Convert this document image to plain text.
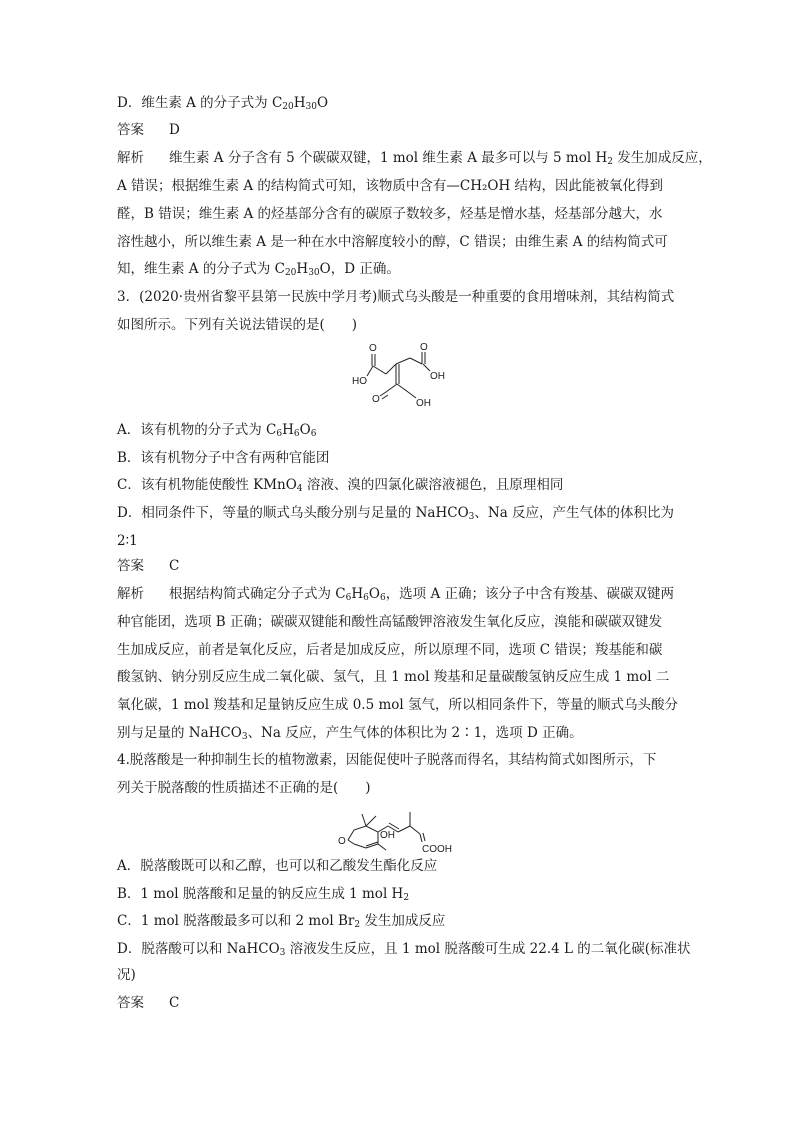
D．维生素 A 的分子式为 $C_{20}H_{30}O$
答案 D
解析 维生素 A 分子含有 5 个碳碳双键，1 mol 维生素 A 最多可以与 5 mol $H_2$ 发生加成反应，
A 错误；根据维生素 A 的结构简式可知，该物质中含有—CH₂OH 结构，因此能被氧化得到
醛，B 错误；维生素 A 的烃基部分含有的碳原子数较多，烃基是憎水基，烃基部分越大，水
溶性越小，所以维生素 A 是一种在水中溶解度较小的醇，C 错误；由维生素 A 的结构简式可
知，维生素 A 的分子式为 $C_{20}H_{30}O$，D 正确。
3．(2020·贵州省黎平县第一民族中学月考)顺式乌头酸是一种重要的食用增味剂，其结构简式
如图所示。下列有关说法错误的是(　　)
O	O
HO	OH
O	OH
A．该有机物的分子式为 $C_6H_6O_6$
B．该有机物分子中含有两种官能团
C．该有机物能使酸性 KMnO$_4$ 溶液、溴的四氯化碳溶液褪色，且原理相同
D．相同条件下，等量的顺式乌头酸分别与足量的 NaHCO$_3$、Na 反应，产生气体的体积比为
2∶1
答案 C
解析 根据结构简式确定分子式为 $C_6H_6O_6$，选项 A 正确；该分子中含有羧基、碳碳双键两
种官能团，选项 B 正确；碳碳双键能和酸性高锰酸钾溶液发生氧化反应，溴能和碳碳双键发
生加成反应，前者是氧化反应，后者是加成反应，所以原理不同，选项 C 错误；羧基能和碳
酸氢钠、钠分别反应生成二氧化碳、氢气，且 1 mol 羧基和足量碳酸氢钠反应生成 1 mol 二
氧化碳，1 mol 羧基和足量钠反应生成 0.5 mol 氢气，所以相同条件下，等量的顺式乌头酸分
别与足量的 NaHCO$_3$、Na 反应，产生气体的体积比为 2∶1，选项 D 正确。
4.脱落酸是一种抑制生长的植物激素，因能促使叶子脱落而得名，其结构简式如图所示，下
列关于脱落酸的性质描述不正确的是(　　)
O
OH
COOH
A．脱落酸既可以和乙醇，也可以和乙酸发生酯化反应
B．1 mol 脱落酸和足量的钠反应生成 1 mol $H_2$
C．1 mol 脱落酸最多可以和 2 mol $Br_2$ 发生加成反应
D．脱落酸可以和 NaHCO$_3$ 溶液发生反应，且 1 mol 脱落酸可生成 22.4 L 的二氧化碳(标准状
况)
答案 C
